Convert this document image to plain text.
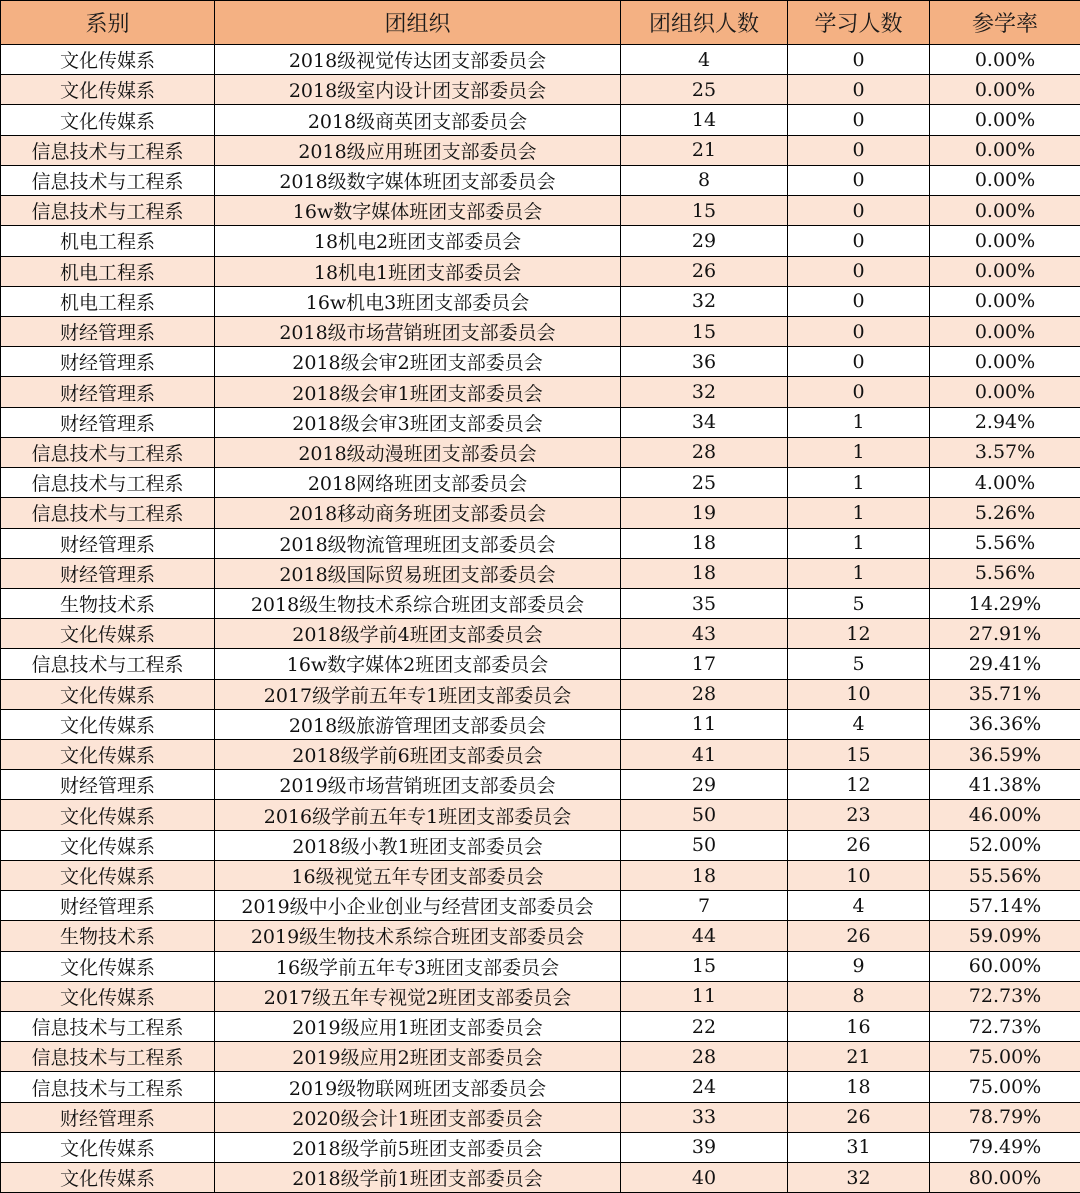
系别	团组织	团组织人数	学习人数	参学率
文化传媒系	2018级视觉传达团支部委员会	4	0	0.00%
文化传媒系	2018级室内设计团支部委员会	25	0	0.00%
文化传媒系	2018级商英团支部委员会	14	0	0.00%
信息技术与工程系	2018级应用班团支部委员会	21	0	0.00%
信息技术与工程系	2018级数字媒体班团支部委员会	8	0	0.00%
信息技术与工程系	16w数字媒体班团支部委员会	15	0	0.00%
机电工程系	18机电2班团支部委员会	29	0	0.00%
机电工程系	18机电1班团支部委员会	26	0	0.00%
机电工程系	16w机电3班团支部委员会	32	0	0.00%
财经管理系	2018级市场营销班团支部委员会	15	0	0.00%
财经管理系	2018级会审2班团支部委员会	36	0	0.00%
财经管理系	2018级会审1班团支部委员会	32	0	0.00%
财经管理系	2018级会审3班团支部委员会	34	1	2.94%
信息技术与工程系	2018级动漫班团支部委员会	28	1	3.57%
信息技术与工程系	2018网络班团支部委员会	25	1	4.00%
信息技术与工程系	2018移动商务班团支部委员会	19	1	5.26%
财经管理系	2018级物流管理班团支部委员会	18	1	5.56%
财经管理系	2018级国际贸易班团支部委员会	18	1	5.56%
生物技术系	2018级生物技术系综合班团支部委员会	35	5	14.29%
文化传媒系	2018级学前4班团支部委员会	43	12	27.91%
信息技术与工程系	16w数字媒体2班团支部委员会	17	5	29.41%
文化传媒系	2017级学前五年专1班团支部委员会	28	10	35.71%
文化传媒系	2018级旅游管理团支部委员会	11	4	36.36%
文化传媒系	2018级学前6班团支部委员会	41	15	36.59%
财经管理系	2019级市场营销班团支部委员会	29	12	41.38%
文化传媒系	2016级学前五年专1班团支部委员会	50	23	46.00%
文化传媒系	2018级小教1班团支部委员会	50	26	52.00%
文化传媒系	16级视觉五年专团支部委员会	18	10	55.56%
财经管理系	2019级中小企业创业与经营团支部委员会	7	4	57.14%
生物技术系	2019级生物技术系综合班团支部委员会	44	26	59.09%
文化传媒系	16级学前五年专3班团支部委员会	15	9	60.00%
文化传媒系	2017级五年专视觉2班团支部委员会	11	8	72.73%
信息技术与工程系	2019级应用1班团支部委员会	22	16	72.73%
信息技术与工程系	2019级应用2班团支部委员会	28	21	75.00%
信息技术与工程系	2019级物联网班团支部委员会	24	18	75.00%
财经管理系	2020级会计1班团支部委员会	33	26	78.79%
文化传媒系	2018级学前5班团支部委员会	39	31	79.49%
文化传媒系	2018级学前1班团支部委员会	40	32	80.00%
